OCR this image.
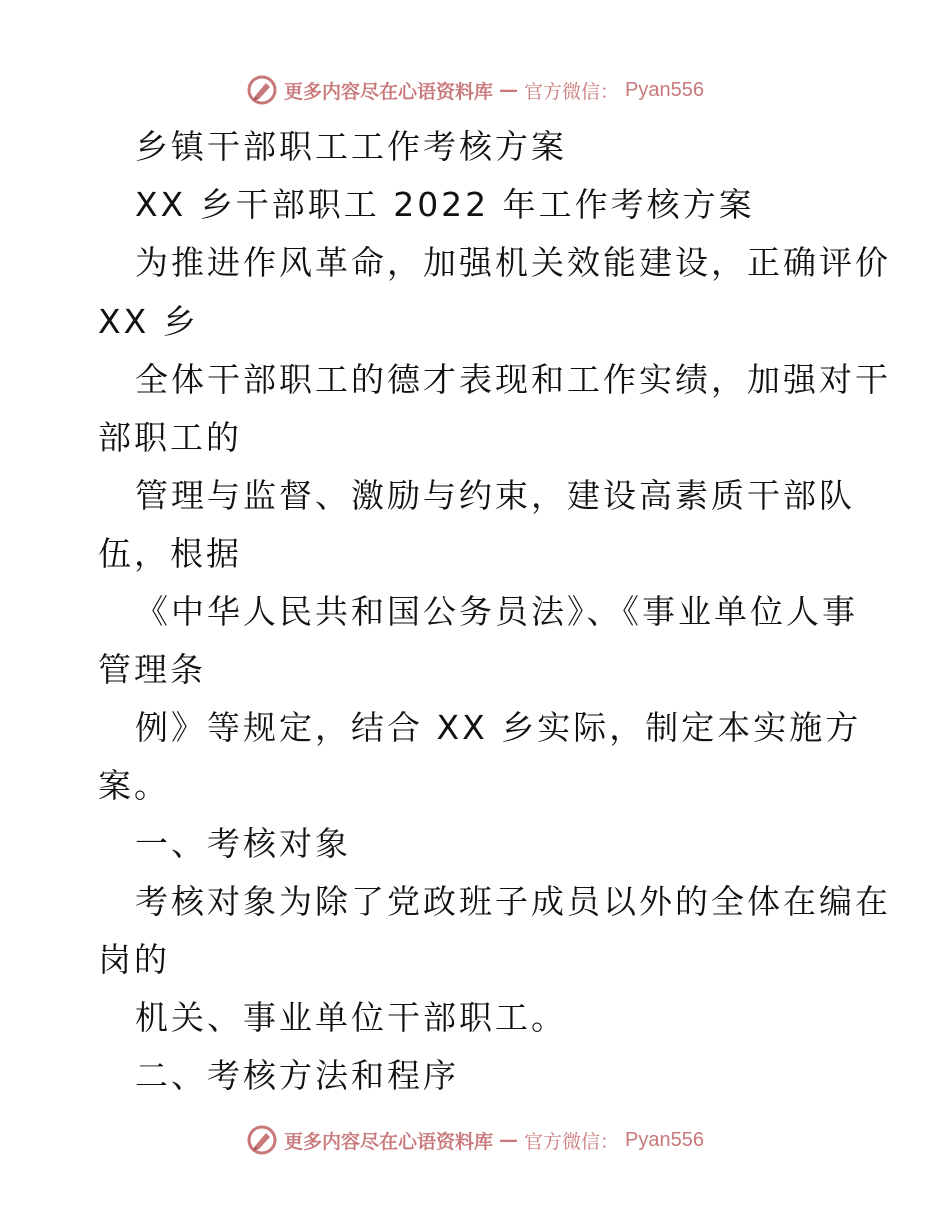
更多内容尽在心语资料库 — 官方微信： Pyan556
乡镇干部职工工作考核方案
XX 乡干部职工 2022 年工作考核方案
为推进作风革命，加强机关效能建设，正确评价
XX 乡
全体干部职工的德才表现和工作实绩，加强对干
部职工的
管理与监督、激励与约束，建设高素质干部队
伍，根据
《中华人民共和国公务员法》、《事业单位人事
管理条
例》等规定，结合 XX 乡实际，制定本实施方
案。
一、考核对象
考核对象为除了党政班子成员以外的全体在编在
岗的
机关、事业单位干部职工。
二、考核方法和程序
更多内容尽在心语资料库 — 官方微信： Pyan556
